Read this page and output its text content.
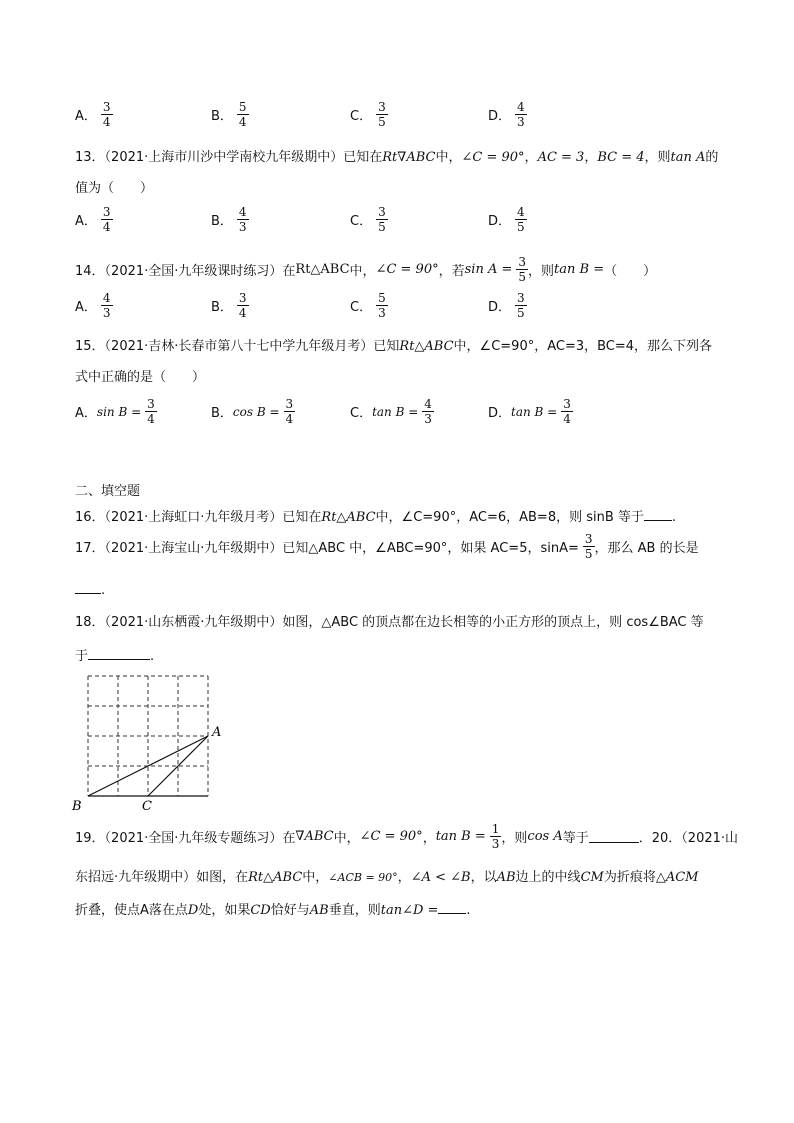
A． $\frac{3}{4}$	B． $\frac{5}{4}$	C． $\frac{3}{5}$	D． $\frac{4}{3}$
13．（2021·上海市川沙中学南校九年级期中）已知在Rt∇ABC中，∠C = 90°，AC = 3，BC = 4，则tan A的
值为（　　）
A． $\frac{3}{4}$	B． $\frac{4}{3}$	C． $\frac{3}{5}$	D． $\frac{4}{5}$
14．（2021·全国·九年级课时练习）在 Rt△ABC 中， ∠C = 90° ，若 $\sin A = \frac{3}{5}$ ，则 tan B = （　　）
A． $\frac{4}{3}$	B． $\frac{3}{4}$	C． $\frac{5}{3}$	D． $\frac{3}{5}$
15．（2021·吉林·长春市第八十七中学九年级月考）已知Rt△ABC中，∠C=90°，AC=3，BC=4，那么下列各
式中正确的是（　　）
A． $\sin B = \frac{3}{4}$	B． $\cos B = \frac{3}{4}$	C． $\tan B = \frac{4}{3}$	D． $\tan B = \frac{3}{4}$
二、填空题
16．（2021·上海虹口·九年级月考）已知在Rt△ABC中，∠C=90°，AC=6，AB=8，则 sinB 等于 .
17．（2021·上海宝山·九年级期中）已知△ABC 中，∠ABC=90°，如果 AC=5，$\sin A= \frac{3}{5}$ ，那么 AB 的长是
.
18．（2021·山东栖霞·九年级期中）如图，△ABC 的顶点都在边长相等的小正方形的顶点上，则 cos∠BAC 等
于	.
A
B	C
19．（2021·全国·九年级专题练习）在 ∇ABC 中， ∠C = 90° ， $\tan B = \frac{1}{3}$ ，则 cos A 等于	． 20．（2021·山
东招远·九年级期中）如图，在Rt△ABC中，∠ACB = 90°，∠A < ∠B，以AB边上的中线CM为折痕将△ACM
折叠，使点A落在点D处，如果CD恰好与AB垂直，则tan∠D = .
